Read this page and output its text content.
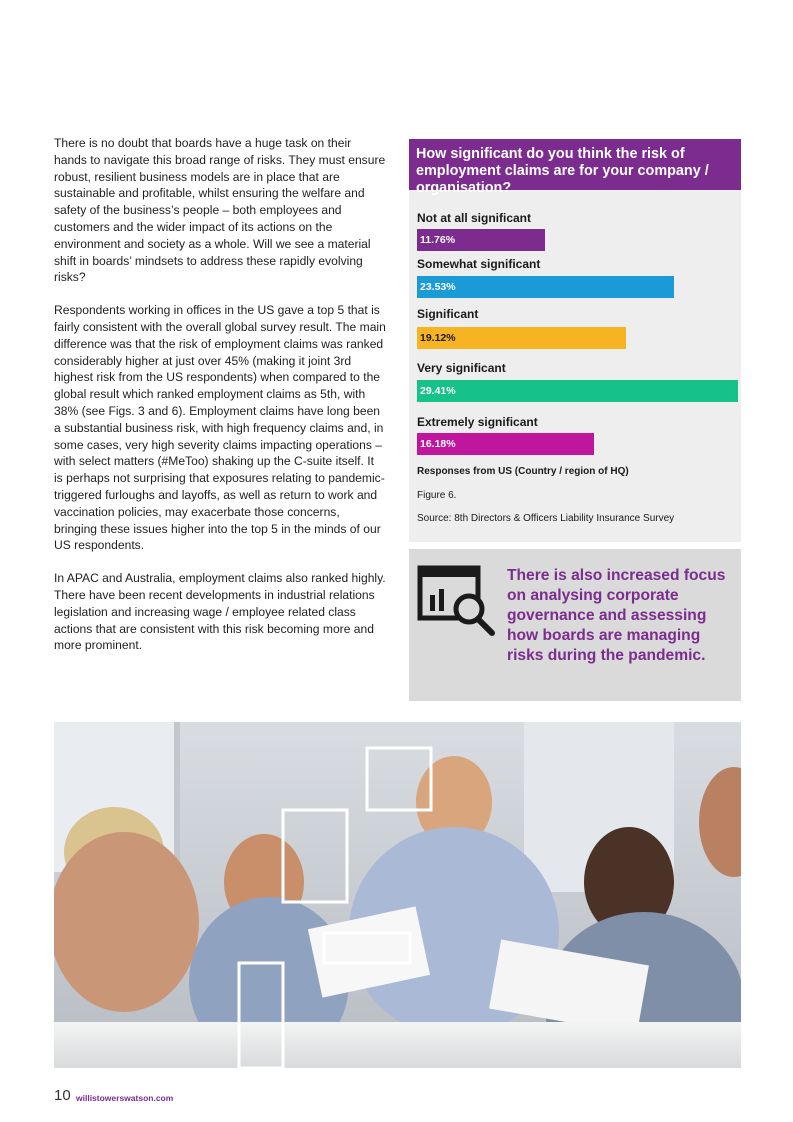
There is no doubt that boards have a huge task on their hands to navigate this broad range of risks. They must ensure robust, resilient business models are in place that are sustainable and profitable, whilst ensuring the welfare and safety of the business’s people – both employees and customers and the wider impact of its actions on the environment and society as a whole. Will we see a material shift in boards’ mindsets to address these rapidly evolving risks?

Respondents working in offices in the US gave a top 5 that is fairly consistent with the overall global survey result. The main difference was that the risk of employment claims was ranked considerably higher at just over 45% (making it joint 3rd highest risk from the US respondents) when compared to the global result which ranked employment claims as 5th, with 38% (see Figs. 3 and 6). Employment claims have long been a substantial business risk, with high frequency claims and, in some cases, very high severity claims impacting operations – with select matters (#MeToo) shaking up the C-suite itself. It is perhaps not surprising that exposures relating to pandemic-triggered furloughs and layoffs, as well as return to work and vaccination policies, may exacerbate those concerns, bringing these issues higher into the top 5 in the minds of our US respondents.

In APAC and Australia, employment claims also ranked highly. There have been recent developments in industrial relations legislation and increasing wage / employee related class actions that are consistent with this risk becoming more and more prominent.

How significant do you think the risk of employment claims are for your company / organisation?
Responses from US (Country / region of HQ)
Figure 6.
Source: 8th Directors & Officers Liability Insurance Survey
Not at all significant
11.76%
Somewhat significant
23.53%
Significant
19.12%
Very significant
29.41%
Extremely significant
16.18%
There is also increased focus on analysing corporate governance and assessing how boards are managing risks during the pandemic.
10 willistowerswatson.com
